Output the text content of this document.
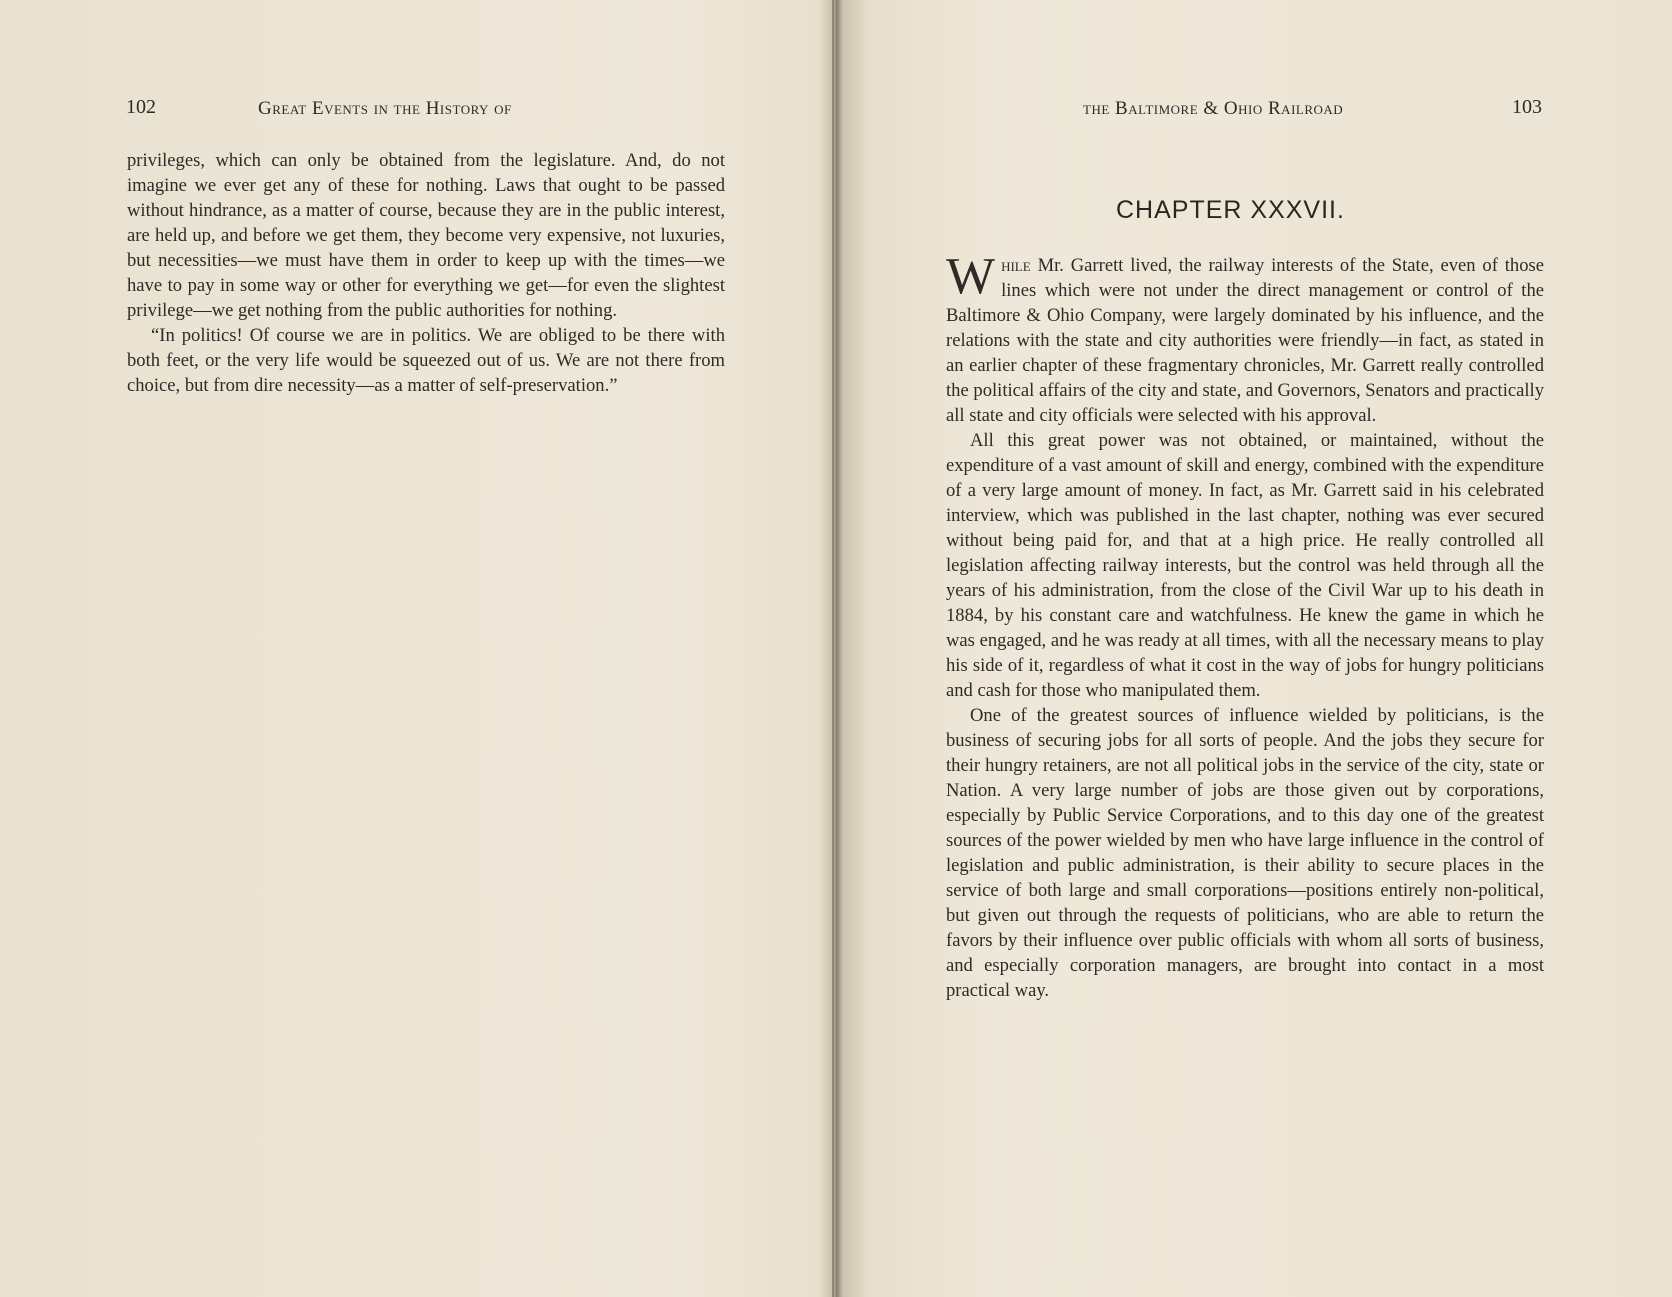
102	Great Events in the History of

privileges, which can only be obtained from the legislature. And, do not imagine we ever get any of these for nothing. Laws that ought to be passed without hindrance, as a matter of course, because they are in the public interest, are held up, and before we get them, they become very expensive, not luxuries, but necessities—we must have them in order to keep up with the times—we have to pay in some way or other for everything we get—for even the slightest privilege—we get nothing from the public authorities for nothing.

“In politics! Of course we are in politics. We are obliged to be there with both feet, or the very life would be squeezed out of us. We are not there from choice, but from dire necessity—as a matter of self-preservation.”

the Baltimore & Ohio Railroad	103
CHAPTER XXXVII.

While Mr. Garrett lived, the railway interests of the State, even of those lines which were not under the direct management or control of the Baltimore & Ohio Company, were largely dominated by his influence, and the relations with the state and city authorities were friendly—in fact, as stated in an earlier chapter of these fragmentary chronicles, Mr. Garrett really controlled the political affairs of the city and state, and Governors, Senators and practically all state and city officials were selected with his approval.

All this great power was not obtained, or maintained, without the expenditure of a vast amount of skill and energy, combined with the expenditure of a very large amount of money. In fact, as Mr. Garrett said in his celebrated interview, which was published in the last chapter, nothing was ever secured without being paid for, and that at a high price. He really controlled all legislation affecting railway interests, but the control was held through all the years of his administration, from the close of the Civil War up to his death in 1884, by his constant care and watchfulness. He knew the game in which he was engaged, and he was ready at all times, with all the necessary means to play his side of it, regardless of what it cost in the way of jobs for hungry politicians and cash for those who manipulated them.

One of the greatest sources of influence wielded by politicians, is the business of securing jobs for all sorts of people. And the jobs they secure for their hungry retainers, are not all political jobs in the service of the city, state or Nation. A very large number of jobs are those given out by corporations, especially by Public Service Corporations, and to this day one of the greatest sources of the power wielded by men who have large influence in the control of legislation and public administration, is their ability to secure places in the service of both large and small corporations—positions entirely non-political, but given out through the requests of politicians, who are able to return the favors by their influence over public officials with whom all sorts of business, and especially corporation managers, are brought into contact in a most practical way.
